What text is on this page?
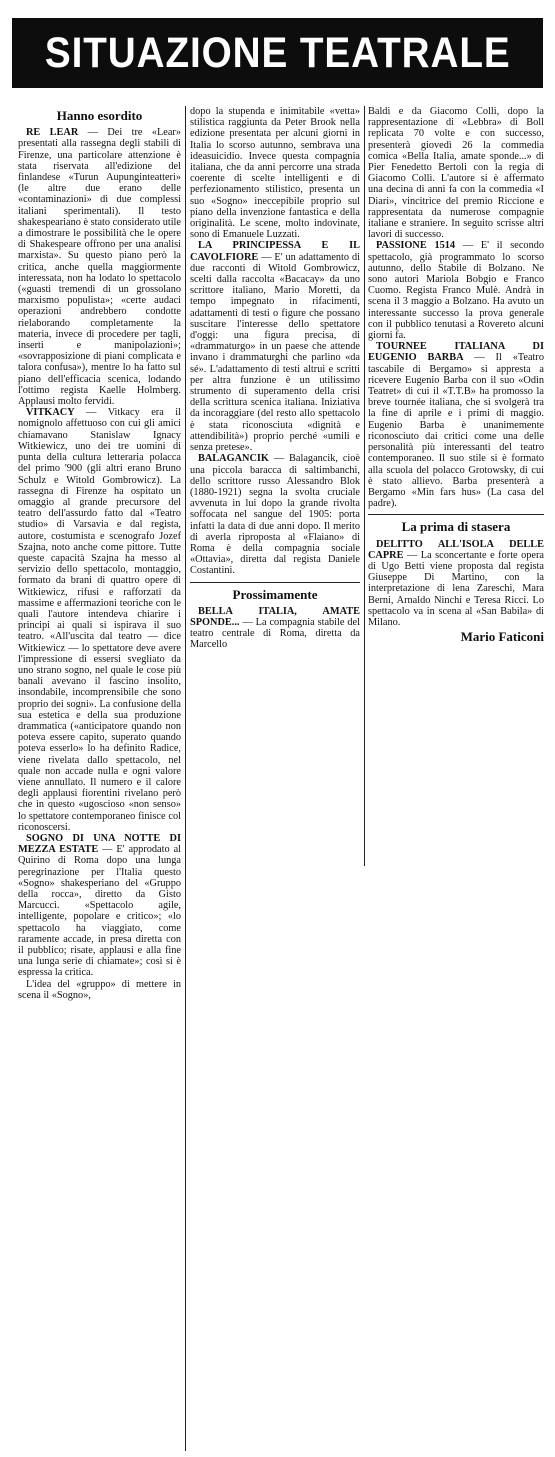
SITUAZIONE TEATRALE
Hanno esordito

RE LEAR — Dei tre «Lear» presentati alla rassegna degli stabili di Firenze, una particolare attenzione è stata riservata all'edizione del finlandese «Turun Aupunginteatteri» (le altre due erano delle «contaminazioni» di due complessi italiani sperimentali). Il testo shakespeariano è stato considerato utile a dimostrare le possibilità che le opere di Shakespeare offrono per una analisi marxista». Su questo piano però la critica, anche quella maggiormente interessata, non ha lodato lo spettacolo («guasti tremendi di un grossolano marxismo populista»; «certe audaci operazioni andrebbero condotte rielaborando completamente la materia, invece di procedere per tagli, inserti e manipolazioni»; «sovrapposizione di piani complicata e talora confusa»), mentre lo ha fatto sul piano dell'efficacia scenica, lodando l'ottimo regista Kaelle Holmberg. Applausi molto fervidi.

VITKACY — Vitkacy era il nomignolo affettuoso con cui gli amici chiamavano Stanislaw Ignacy Witkiewicz, uno dei tre uomini di punta della cultura letteraria polacca del primo '900 (gli altri erano Bruno Schulz e Witold Gombrowicz). La rassegna di Firenze ha ospitato un omaggio al grande precursore del teatro dell'assurdo fatto dal «Teatro studio» di Varsavia e dal regista, autore, costumista e scenografo Jozef Szajna, noto anche come pittore. Tutte queste capacità Szajna ha messo al servizio dello spettacolo, montaggio, formato da brani di quattro opere di Witkiewicz, rifusi e rafforzati da massime e affermazioni teoriche con le quali l'autore intendeva chiarire i principi ai quali si ispirava il suo teatro. «All'uscita dal teatro — dice Witkiewicz — lo spettatore deve avere l'impressione di essersi svegliato da uno strano sogno, nel quale le cose più banali avevano il fascino insolito, insondabile, incomprensibile che sono proprio dei sogni». La confusione della sua estetica e della sua produzione drammatica («anticipatore quando non poteva essere capito, superato quando poteva esserlo» lo ha definito Radice, viene rivelata dallo spettacolo, nel quale non accade nulla e ogni valore viene annullato. Il numero e il calore degli applausi fiorentini rivelano però che in questo «ugoscioso «non senso» lo spettatore contemporaneo finisce col riconoscersi.

SOGNO DI UNA NOTTE DI MEZZA ESTATE — E' approdato al Quirino di Roma dopo una lunga peregrinazione per l'Italia questo «Sogno» shakesperiano del «Gruppo della rocca», diretto da Gisto Marcucci. «Spettacolo agile, intelligente, popolare e critico»; «lo spettacolo ha viaggiato, come raramente accade, in presa diretta con il pubblico; risate, applausi e alla fine una lunga serie di chiamate»; così si è espressa la critica.

L'idea del «gruppo» di mettere in scena il «Sogno»,

dopo la stupenda e inimitabile «vetta» stilistica raggiunta da Peter Brook nella edizione presentata per alcuni giorni in Italia lo scorso autunno, sembrava una ideasuicidio. Invece questa compagnia italiana, che da anni percorre una strada coerente di scelte intelligenti e di perfezionamento stilistico, presenta un suo «Sogno» ineccepibile proprio sul piano della invenzione fantastica e della originalità. Le scene, molto indovinate, sono di Emanuele Luzzati.

LA PRINCIPESSA E IL CAVOLFIORE — E' un adattamento di due racconti di Witold Gombrowicz, scelti dalla raccolta «Bacacay» da uno scrittore italiano, Mario Moretti, da tempo impegnato in rifacimenti, adattamenti di testi o figure che possano suscitare l'interesse dello spettatore d'oggi: una figura precisa, di «drammaturgo» in un paese che attende invano i drammaturghi che parlino «da sé». L'adattamento di testi altrui e scritti per altra funzione è un utilissimo strumento di superamento della crisi della scrittura scenica italiana. Iniziativa da incoraggiare (del resto allo spettacolo è stata riconosciuta «dignità e attendibilità») proprio perché «umili e senza pretese».

BALAGANCIK — Balagancik, cioè una piccola baracca di saltimbanchi, dello scrittore russo Alessandro Blok (1880-1921) segna la svolta cruciale avvenuta in lui dopo la grande rivolta soffocata nel sangue del 1905: porta infatti la data di due anni dopo. Il merito di averla riproposta al «Flaiano» di Roma è della compagnia sociale «Ottavia», diretta dal regista Daniele Costantini.

Prossimamente

BELLA ITALIA, AMATE SPONDE... — La compagnia stabile del teatro centrale di Roma, diretta da Marcello

Baldi e da Giacomo Colli, dopo la rappresentazione di «Lebbra» di Boll replicata 70 volte e con successo, presenterà giovedì 26 la commedia comica «Bella Italia, amate sponde...» di Pier Fenedetto Bertoli con la regia di Giacomo Colli. L'autore si è affermato una decina di anni fa con la commedia «I Diari», vincitrice del premio Riccione e rappresentata da numerose compagnie italiane e straniere. In seguito scrisse altri lavori di successo.

PASSIONE 1514 — E' il secondo spettacolo, già programmato lo scorso autunno, dello Stabile di Bolzano. Ne sono autori Mariola Bobgio e Franco Cuomo. Regista Franco Mulè. Andrà in scena il 3 maggio a Bolzano. Ha avuto un interessante successo la prova generale con il pubblico tenutasi a Rovereto alcuni giorni fa.

TOURNEE ITALIANA DI EUGENIO BARBA — Il «Teatro tascabile di Bergamo» si appresta a ricevere Eugenio Barba con il suo «Odin Teatret» di cui il «T.T.B» ha promosso la breve tournée italiana, che si svolgerà tra la fine di aprile e i primi di maggio. Eugenio Barba è unanimemente riconosciuto dai critici come una delle personalità più interessanti del teatro contemporaneo. Il suo stile si è formato alla scuola del polacco Grotowsky, di cui è stato allievo. Barba presenterà a Bergamo «Min fars hus» (La casa del padre).

La prima di stasera

DELITTO ALL'ISOLA DELLE CAPRE — La sconcertante e forte opera di Ugo Betti viene proposta dal regista Giuseppe Di Martino, con la interpretazione di lena Zareschi, Mara Berni, Arnaldo Ninchi e Teresa Ricci. Lo spettacolo va in scena al «San Babila» di Milano.

Mario Faticoni
